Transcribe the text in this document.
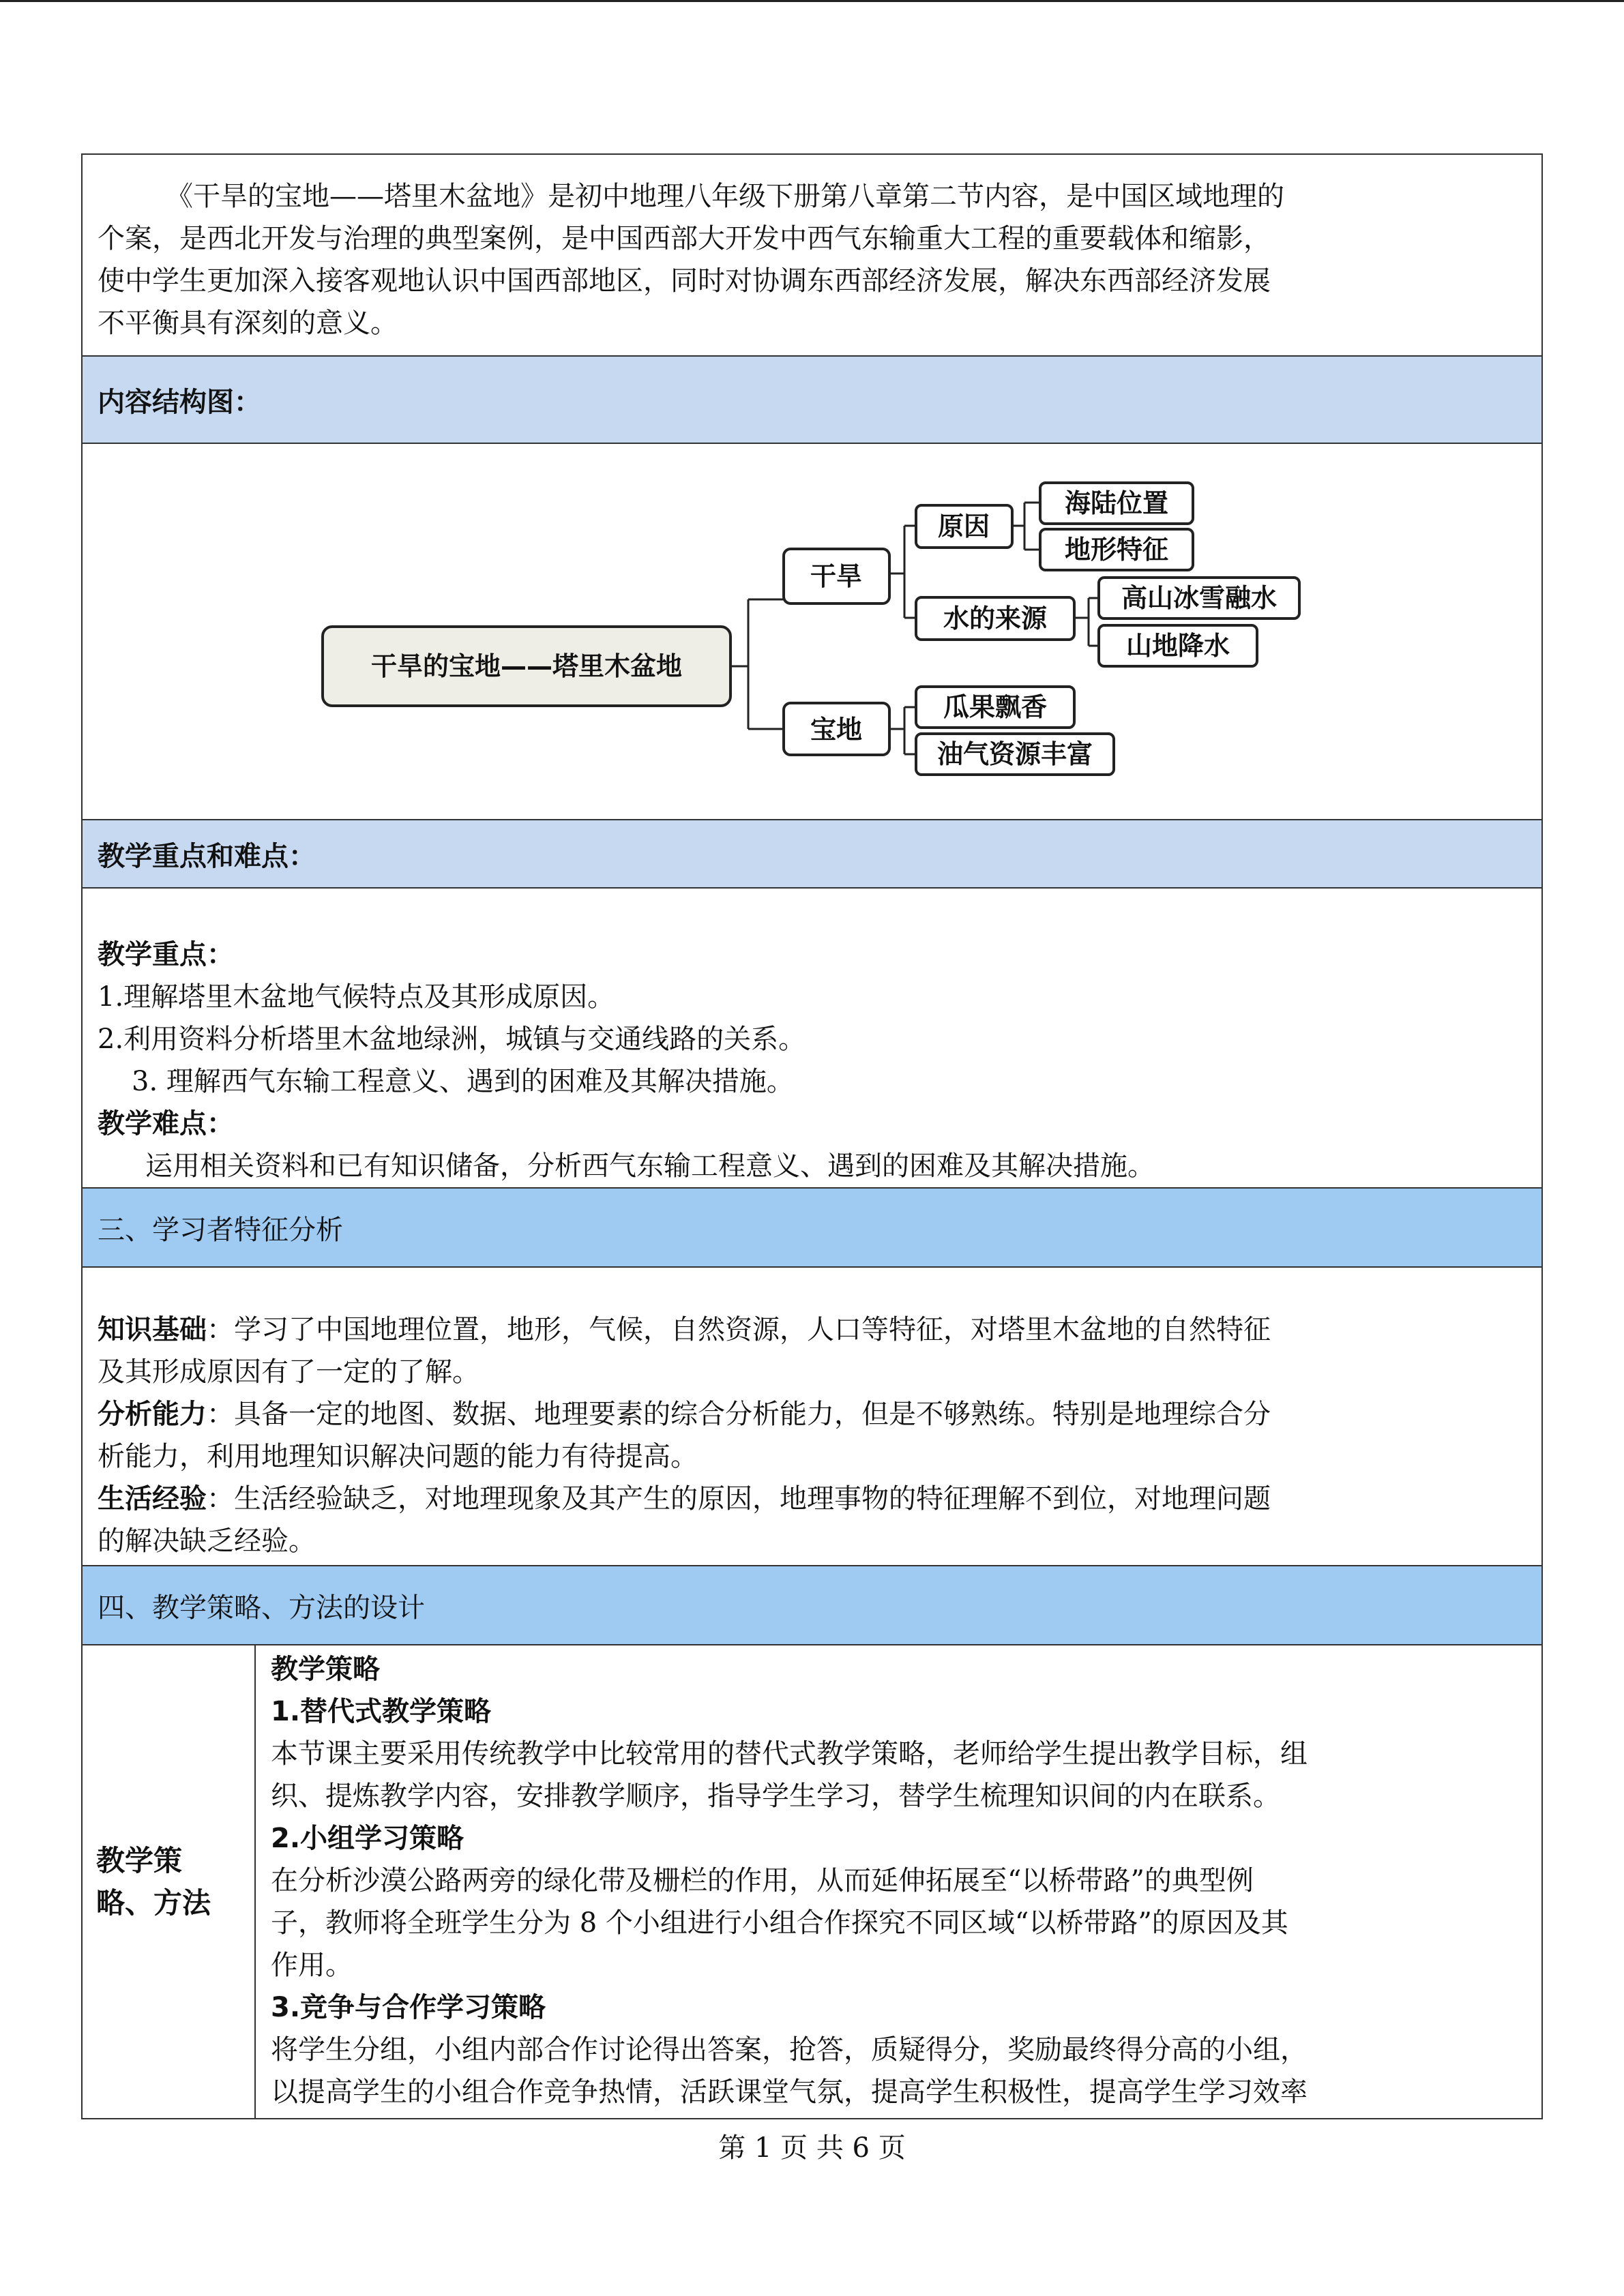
《干旱的宝地——塔里木盆地》是初中地理八年级下册第八章第二节内容，是中国区域地理的

个案，是西北开发与治理的典型案例，是中国西部大开发中西气东输重大工程的重要载体和缩影，
使中学生更加深入接客观地认识中国西部地区，同时对协调东西部经济发展，解决东西部经济发展
不平衡具有深刻的意义。
内容结构图：
干旱的宝地——塔里木盆地
干旱
宝地
原因
水的来源
海陆位置
地形特征
高山冰雪融水
山地降水
瓜果飘香
油气资源丰富
教学重点和难点：
教学重点：
1.理解塔里木盆地气候特点及其形成原因。
2.利用资料分析塔里木盆地绿洲，城镇与交通线路的关系。
3. 理解西气东输工程意义、遇到的困难及其解决措施。
教学难点：
运用相关资料和已有知识储备，分析西气东输工程意义、遇到的困难及其解决措施。
三、学习者特征分析
知识基础：学习了中国地理位置，地形，气候，自然资源，人口等特征，对塔里木盆地的自然特征
及其形成原因有了一定的了解。
分析能力：具备一定的地图、数据、地理要素的综合分析能力，但是不够熟练。特别是地理综合分
析能力，利用地理知识解决问题的能力有待提高。
生活经验：生活经验缺乏，对地理现象及其产生的原因，地理事物的特征理解不到位，对地理问题
的解决缺乏经验。
四、教学策略、方法的设计
教学策
略、方法
教学策略
1.替代式教学策略
本节课主要采用传统教学中比较常用的替代式教学策略，老师给学生提出教学目标，组
织、提炼教学内容，安排教学顺序，指导学生学习，替学生梳理知识间的内在联系。
2.小组学习策略
在分析沙漠公路两旁的绿化带及栅栏的作用，从而延伸拓展至“以桥带路”的典型例
子，教师将全班学生分为 8 个小组进行小组合作探究不同区域“以桥带路”的原因及其
作用。
3.竞争与合作学习策略
将学生分组，小组内部合作讨论得出答案，抢答，质疑得分，奖励最终得分高的小组，
以提高学生的小组合作竞争热情，活跃课堂气氛，提高学生积极性，提高学生学习效率
第 1 页 共 6 页
